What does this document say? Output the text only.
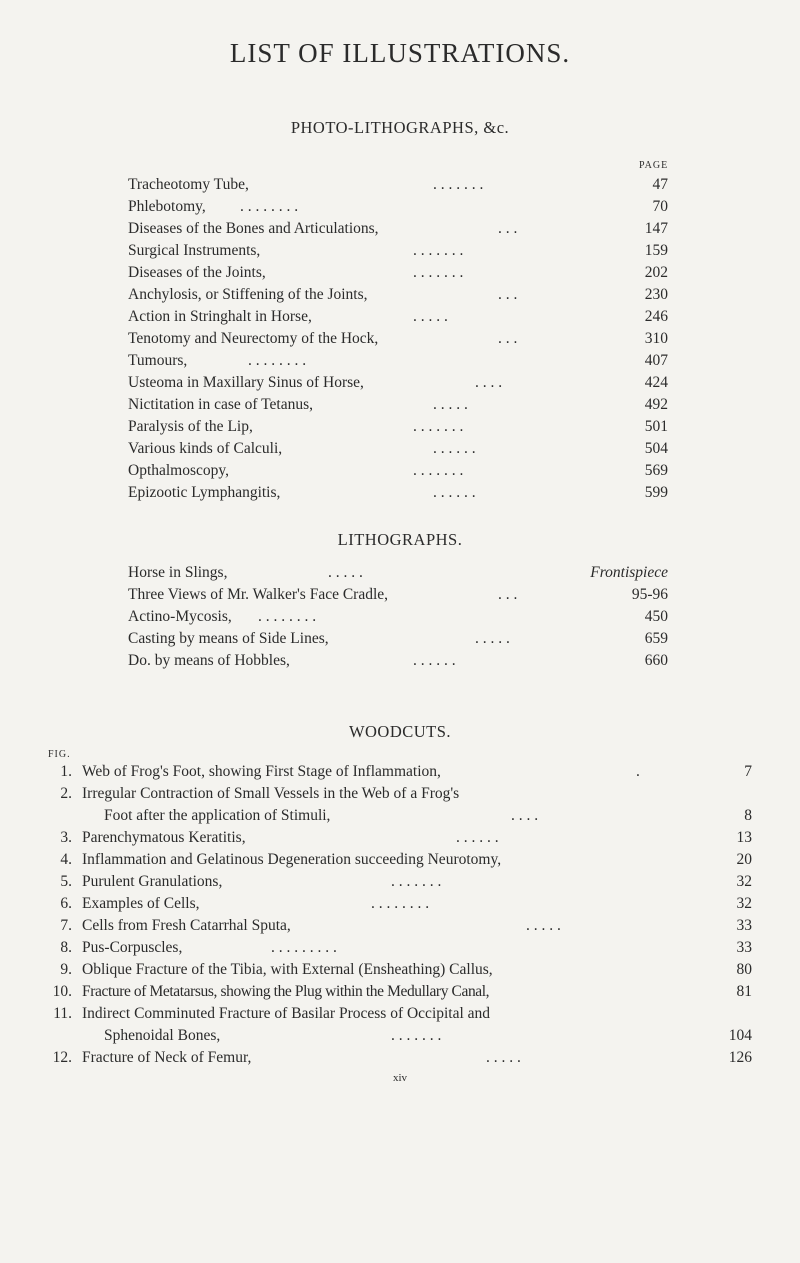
LIST OF ILLUSTRATIONS.
PHOTO-LITHOGRAPHS, &c.
PAGE
Tracheotomy Tube,	. . . . . . .	47
Phlebotomy, . . . . . . . .	70
Diseases of the Bones and Articulations,	. . .	147
Surgical Instruments,	. . . . . . .	159
Diseases of the Joints,	. . . . . . .	202
Anchylosis, or Stiffening of the Joints,	. . .	230
Action in Stringhalt in Horse,	. . . . .	246
Tenotomy and Neurectomy of the Hock,	. . .	310
Tumours,	. . . . . . . .	407
Usteoma in Maxillary Sinus of Horse,	. . . .	424
Nictitation in case of Tetanus,	. . . . .	492
Paralysis of the Lip,	. . . . . . .	501
Various kinds of Calculi,	. . . . . .	504
Opthalmoscopy,	. . . . . . .	569
Epizootic Lymphangitis,	. . . . . .	599
LITHOGRAPHS.
Horse in Slings,	. . . . .	Frontispiece
Three Views of Mr. Walker's Face Cradle,	. . .	95-96
Actino-Mycosis, . . . . . . . .	450
Casting by means of Side Lines,	. . . . .	659
Do. by means of Hobbles,	. . . . . .	660
WOODCUTS.
FIG.
1. Web of Frog's Foot, showing First Stage of Inflammation,	.	7
2. Irregular Contraction of Small Vessels in the Web of a Frog's
Foot after the application of Stimuli,	. . . .	8
3. Parenchymatous Keratitis,	. . . . . .	13
4. Inflammation and Gelatinous Degeneration succeeding Neurotomy,	20
5. Purulent Granulations,	. . . . . . .	32
6. Examples of Cells,	. . . . . . . .	32
7. Cells from Fresh Catarrhal Sputa,	. . . . .	33
8. Pus-Corpuscles,	. . . . . . . . .	33
9. Oblique Fracture of the Tibia, with External (Ensheathing) Callus,	80
10. Fracture of Metatarsus, showing the Plug within the Medullary Canal,	81
11. Indirect Comminuted Fracture of Basilar Process of Occipital and
Sphenoidal Bones,	. . . . . . .	104
12. Fracture of Neck of Femur,	. . . . .	126
xiv
